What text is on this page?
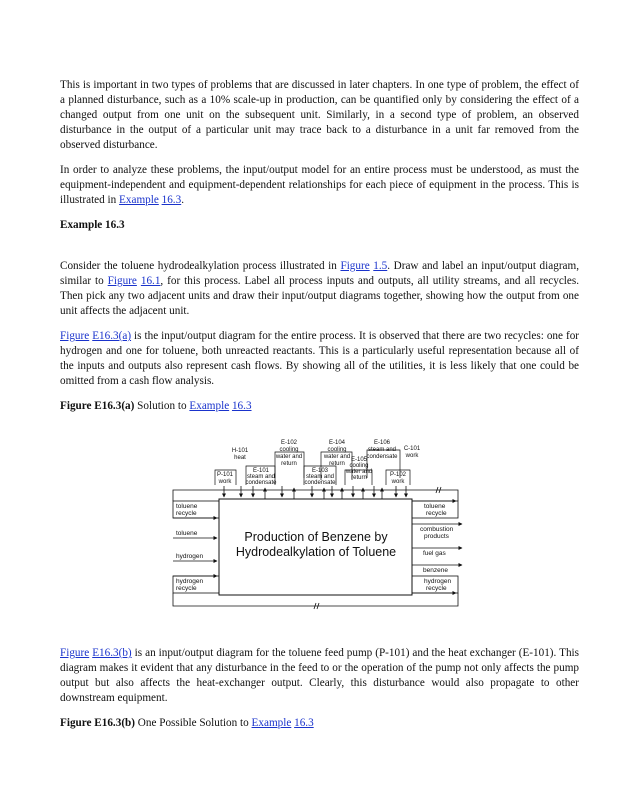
This is important in two types of problems that are discussed in later chapters. In one type of problem, the effect of a planned disturbance, such as a 10% scale-up in production, can be quantified only by considering the effect of a changed output from one unit on the subsequent unit. Similarly, in a second type of problem, an observed disturbance in the output of a particular unit may trace back to a disturbance in a unit far removed from the observed disturbance.

In order to analyze these problems, the input/output model for an entire process must be understood, as must the equipment-independent and equipment-dependent relationships for each piece of equipment in the process. This is illustrated in Example 16.3.

Example 16.3

Consider the toluene hydrodealkylation process illustrated in Figure 1.5. Draw and label an input/output diagram, similar to Figure 16.1, for this process. Label all process inputs and outputs, all utility streams, and all recycles. Then pick any two adjacent units and draw their input/output diagrams together, showing how the output from one unit affects the adjacent unit.

Figure E16.3(a) is the input/output diagram for the entire process. It is observed that there are two recycles: one for hydrogen and one for toluene, both unreacted reactants. This is a particularly useful representation because all of the inputs and outputs also represent cash flows. By showing all of the utilities, it is less likely that one could be omitted from a cash flow analysis.

Figure E16.3(a) Solution to Example 16.3

Production of Benzene by
Hydrodealkylation of Toluene
toluene recycle
toluene
hydrogen
hydrogen recycle
toluene recycle
combustion products
fuel gas
benzene
hydrogen recycle
P-101 work
H-101 heat
E-101 steam and condensate
E-102 cooling water and return
E-103 steam and condensate
E-104 cooling water and return
E-105 cooling water and return
E-106 steam and condensate
P-102 work
C-101 work

Figure E16.3(b) is an input/output diagram for the toluene feed pump (P-101) and the heat exchanger (E-101). This diagram makes it evident that any disturbance in the feed to or the operation of the pump not only affects the pump output but also affects the heat-exchanger output. Clearly, this disturbance would also propagate to other downstream equipment.

Figure E16.3(b) One Possible Solution to Example 16.3
